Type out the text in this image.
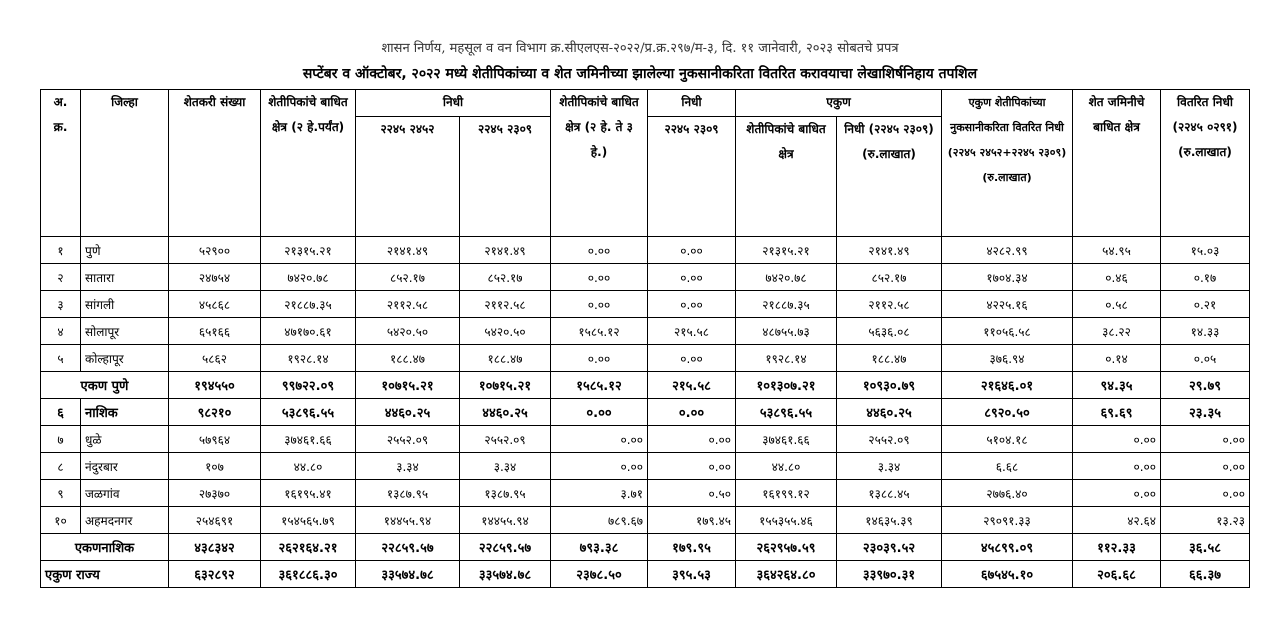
शासन निर्णय, महसूल व वन विभाग क्र.सीएलएस-२०२२/प्र.क्र.२९७/म-३, दि. ११ जानेवारी, २०२३ सोबतचे प्रपत्र
सप्टेंबर व ऑक्टोबर, २०२२ मध्ये शेतीपिकांच्या व शेत जमिनीच्या झालेल्या नुकसानीकरिता वितरित करावयाचा लेखाशिर्षनिहाय तपशिल
अ. क्र.	जिल्हा	शेतकरी संख्या	शेतीपिकांचे बाधित क्षेत्र (२ हे.पर्यंत)	निधी		शेतीपिकांचे बाधित क्षेत्र (२ हे. ते ३ हे.)	निधी	एकुण		एकुण शेतीपिकांच्या नुकसानीकरिता वितरित निधी (२२४५ २४५२+२२४५ २३०९) (रु.लाखात)	शेत जमिनीचे बाधित क्षेत्र	वितरित निधी (२२४५ ०२९१) (रु.लाखात)
				२२४५ २४५२	२२४५ २३०९		२२४५ २३०९	शेतीपिकांचे बाधित क्षेत्र	निधी (२२४५ २३०९) (रु.लाखात)			
१	पुणे	५२९००	२१३१५.२१	२१४१.४९	२१४१.४९	०.००	०.००	२१३१५.२१	२१४१.४९	४२८२.९९	५४.९५	१५.०३
२	सातारा	२४७५४	७४२०.७८	८५२.१७	८५२.१७	०.००	०.००	७४२०.७८	८५२.१७	१७०४.३४	०.४६	०.१७
३	सांगली	४५८६८	२१८८७.३५	२११२.५८	२११२.५८	०.००	०.००	२१८८७.३५	२११२.५८	४२२५.१६	०.५८	०.२१
४	सोलापूर	६५१६६	४७१७०.६१	५४२०.५०	५४२०.५०	१५८५.१२	२१५.५८	४८७५५.७३	५६३६.०८	११०५६.५८	३८.२२	१४.३३
५	कोल्हापूर	५८६२	१९२८.१४	१८८.४७	१८८.४७	०.००	०.००	१९२८.१४	१८८.४७	३७६.९४	०.१४	०.०५
एकण पुणे		१९४५५०	९९७२२.०९	१०७१५.२१	१०७१५.२१	१५८५.१२	२१५.५८	१०१३०७.२१	१०९३०.७९	२१६४६.०१	९४.३५	२९.७९
६	नाशिक	९८२१०	५३८९६.५५	४४६०.२५	४४६०.२५	०.००	०.००	५३८९६.५५	४४६०.२५	८९२०.५०	६९.६९	२३.३५
७	धुळे	५७९६४	३७४६१.६६	२५५२.०९	२५५२.०९	०.००	०.००	३७४६१.६६	२५५२.०९	५१०४.१८	०.००	०.००
८	नंदुरबार	१०७	४४.८०	३.३४	३.३४	०.००	०.००	४४.८०	३.३४	६.६८	०.००	०.००
९	जळगांव	२७३७०	१६१९५.४१	१३८७.९५	१३८७.९५	३.७१	०.५०	१६१९९.१२	१३८८.४५	२७७६.४०	०.००	०.००
१०	अहमदनगर	२५४६९१	१५४५६५.७९	१४४५५.९४	१४४५५.९४	७८९.६७	१७९.४५	१५५३५५.४६	१४६३५.३९	२९०९१.३३	४२.६४	१३.२३
एकणनाशिक		४३८३४२	२६२१६४.२१	२२८५९.५७	२२८५९.५७	७९३.३८	१७९.९५	२६२९५७.५९	२३०३९.५२	४५८९९.०९	११२.३३	३६.५८
एकुण राज्य		६३२८९२	३६१८८६.३०	३३५७४.७८	३३५७४.७८	२३७८.५०	३९५.५३	३६४२६४.८०	३३९७०.३१	६७५४५.१०	२०६.६८	६६.३७
